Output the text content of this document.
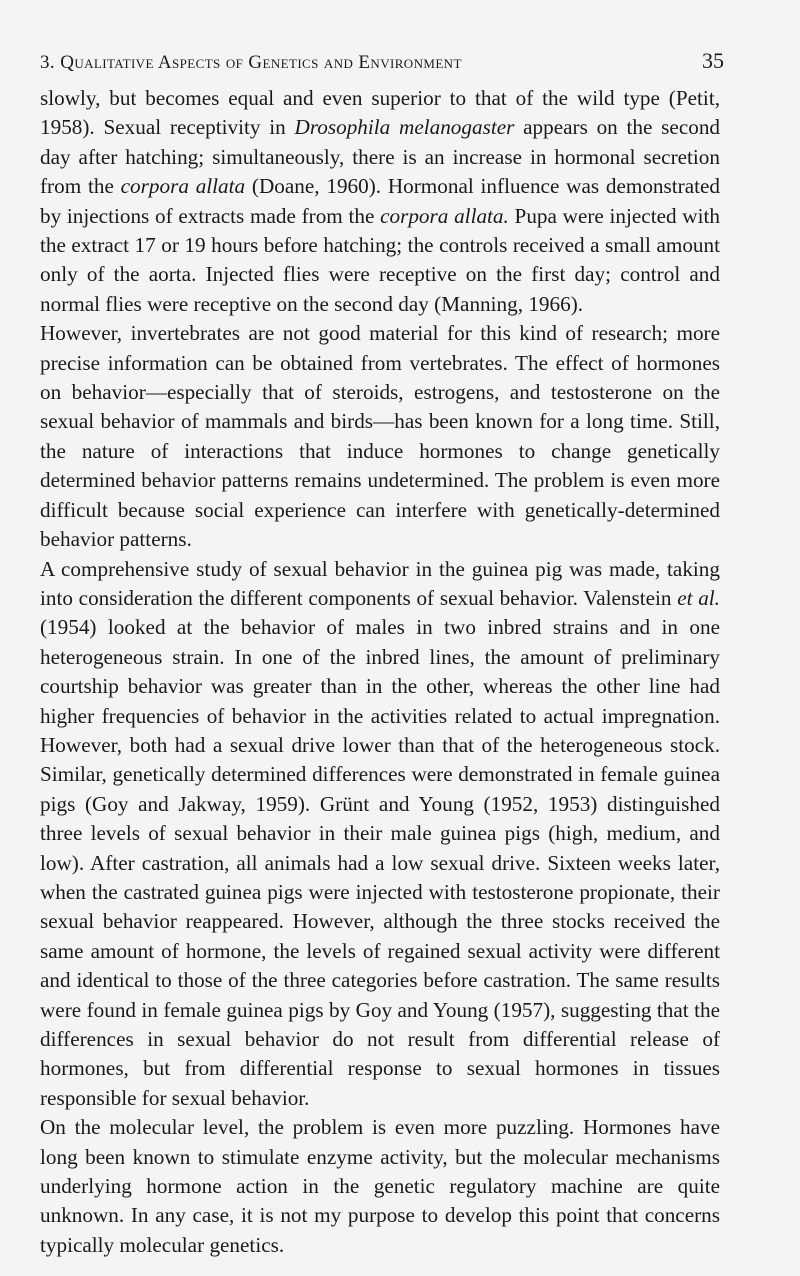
3. Qualitative Aspects of Genetics and Environment	35

slowly, but becomes equal and even superior to that of the wild type (Petit, 1958). Sexual receptivity in Drosophila melanogaster appears on the second day after hatching; simultaneously, there is an increase in hormonal secretion from the corpora allata (Doane, 1960). Hormonal influence was demonstrated by injections of extracts made from the corpora allata. Pupa were injected with the extract 17 or 19 hours before hatching; the controls received a small amount only of the aorta. Injected flies were receptive on the first day; control and normal flies were receptive on the second day (Manning, 1966).

However, invertebrates are not good material for this kind of research; more precise information can be obtained from vertebrates. The effect of hormones on behavior—especially that of steroids, estrogens, and testosterone on the sexual behavior of mammals and birds—has been known for a long time. Still, the nature of interactions that induce hormones to change genetically determined behavior patterns remains undetermined. The problem is even more difficult because social experience can interfere with genetically-determined behavior patterns.

A comprehensive study of sexual behavior in the guinea pig was made, taking into consideration the different components of sexual behavior. Valenstein et al. (1954) looked at the behavior of males in two inbred strains and in one heterogeneous strain. In one of the inbred lines, the amount of preliminary courtship behavior was greater than in the other, whereas the other line had higher frequencies of behavior in the activities related to actual impregnation. However, both had a sexual drive lower than that of the heterogeneous stock. Similar, genetically determined differences were demonstrated in female guinea pigs (Goy and Jakway, 1959). Grünt and Young (1952, 1953) distinguished three levels of sexual behavior in their male guinea pigs (high, medium, and low). After castration, all animals had a low sexual drive. Sixteen weeks later, when the castrated guinea pigs were injected with testosterone propionate, their sexual behavior reappeared. However, although the three stocks received the same amount of hormone, the levels of regained sexual activity were different and identical to those of the three categories before castration. The same results were found in female guinea pigs by Goy and Young (1957), suggesting that the differences in sexual behavior do not result from differential release of hormones, but from differential response to sexual hormones in tissues responsible for sexual behavior.

On the molecular level, the problem is even more puzzling. Hormones have long been known to stimulate enzyme activity, but the molecular mechanisms underlying hormone action in the genetic regulatory machine are quite unknown. In any case, it is not my purpose to develop this point that concerns typically molecular genetics.
